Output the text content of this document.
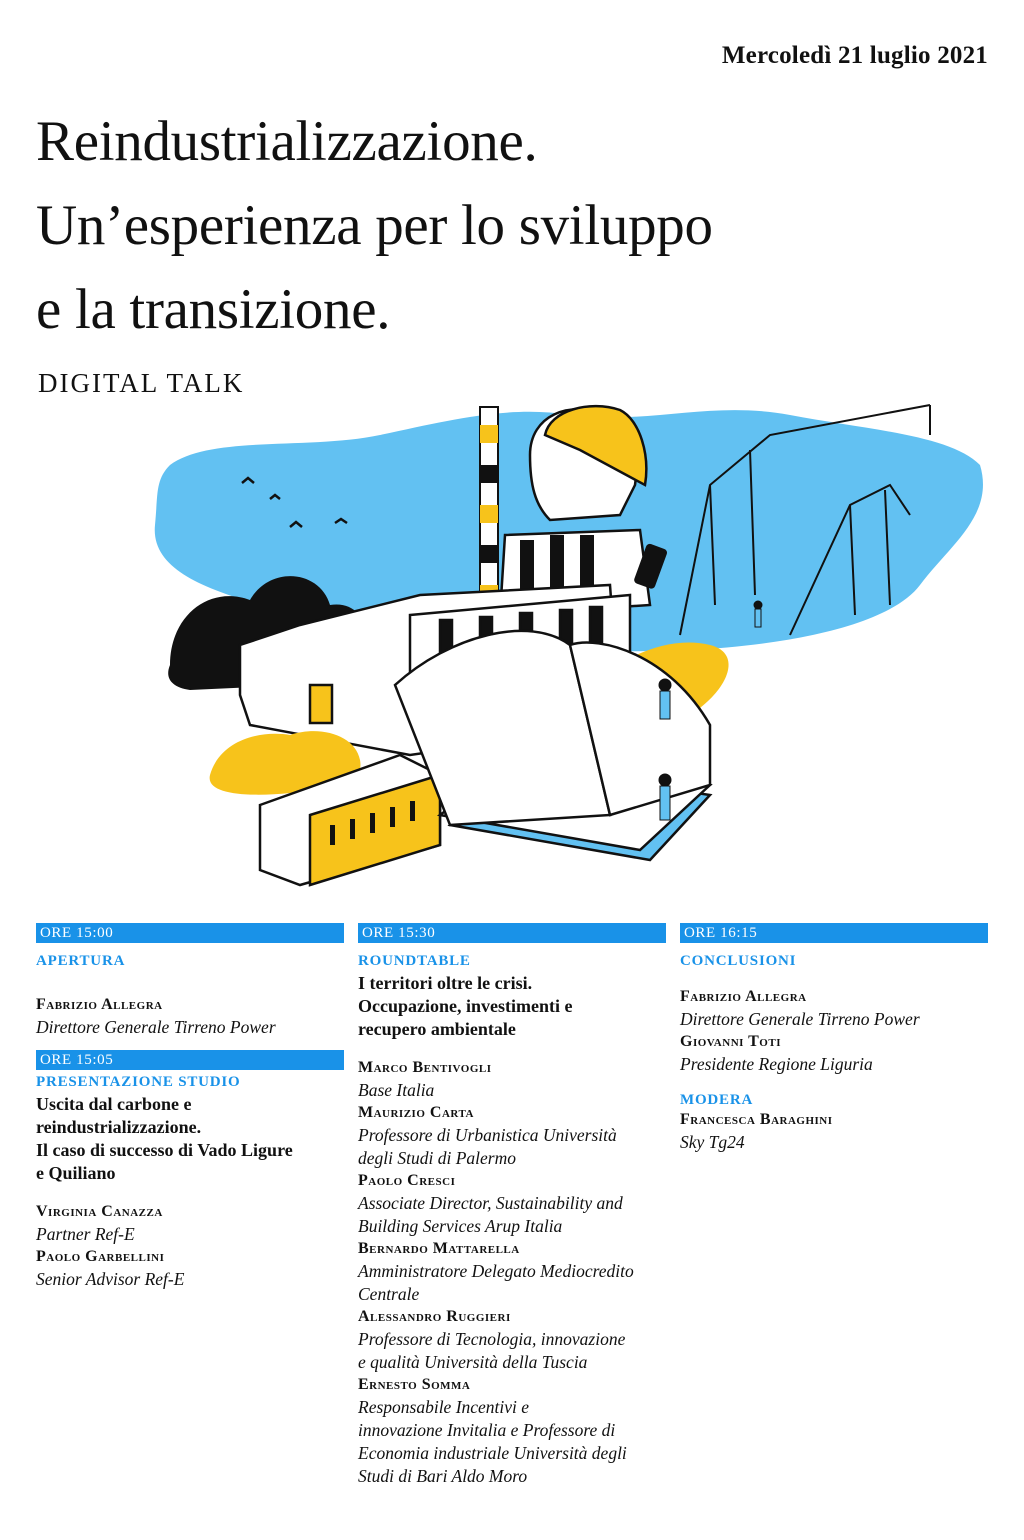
Mercoledì 21 luglio 2021
Reindustrializzazione.
Un’esperienza per lo sviluppo
e la transizione.
DIGITAL TALK
ORE 15:00
APERTURA
Fabrizio Allegra
Direttore Generale Tirreno Power
ORE 15:05
PRESENTAZIONE STUDIO
Uscita dal carbone e
reindustrializzazione.
Il caso di successo di Vado Ligure
e Quiliano
Virginia Canazza
Partner Ref-E
Paolo Garbellini
Senior Advisor Ref-E
ORE 15:30
ROUNDTABLE
I territori oltre le crisi.
Occupazione, investimenti e
recupero ambientale
Marco Bentivogli
Base Italia
Maurizio Carta
Professore di Urbanistica Università
degli Studi di Palermo
Paolo Cresci
Associate Director, Sustainability and
Building Services Arup Italia
Bernardo Mattarella
Amministratore Delegato Mediocredito
Centrale
Alessandro Ruggieri
Professore di Tecnologia, innovazione
e qualità Università della Tuscia
Ernesto Somma
Responsabile Incentivi e
innovazione Invitalia e Professore di
Economia industriale Università degli
Studi di Bari Aldo Moro
ORE 16:15
CONCLUSIONI
Fabrizio Allegra
Direttore Generale Tirreno Power
Giovanni Toti
Presidente Regione Liguria
MODERA
Francesca Baraghini
Sky Tg24
